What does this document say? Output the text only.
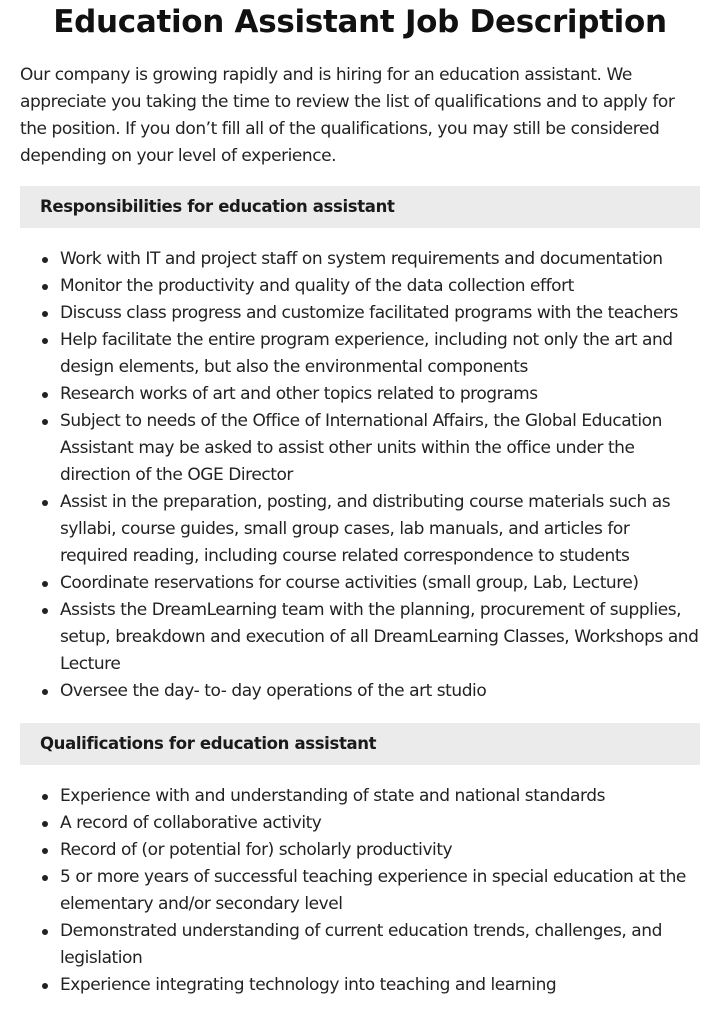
Education Assistant Job Description

Our company is growing rapidly and is hiring for an education assistant. We appreciate you taking the time to review the list of qualifications and to apply for the position. If you don’t fill all of the qualifications, you may still be considered depending on your level of experience.

Responsibilities for education assistant
Work with IT and project staff on system requirements and documentation
Monitor the productivity and quality of the data collection effort
Discuss class progress and customize facilitated programs with the teachers
Help facilitate the entire program experience, including not only the art and design elements, but also the environmental components
Research works of art and other topics related to programs
Subject to needs of the Office of International Affairs, the Global Education Assistant may be asked to assist other units within the office under the direction of the OGE Director
Assist in the preparation, posting, and distributing course materials such as syllabi, course guides, small group cases, lab manuals, and articles for required reading, including course related correspondence to students
Coordinate reservations for course activities (small group, Lab, Lecture)
Assists the DreamLearning team with the planning, procurement of supplies, setup, breakdown and execution of all DreamLearning Classes, Workshops and Lecture
Oversee the day- to- day operations of the art studio
Qualifications for education assistant
Experience with and understanding of state and national standards
A record of collaborative activity
Record of (or potential for) scholarly productivity
5 or more years of successful teaching experience in special education at the elementary and/or secondary level
Demonstrated understanding of current education trends, challenges, and legislation
Experience integrating technology into teaching and learning
